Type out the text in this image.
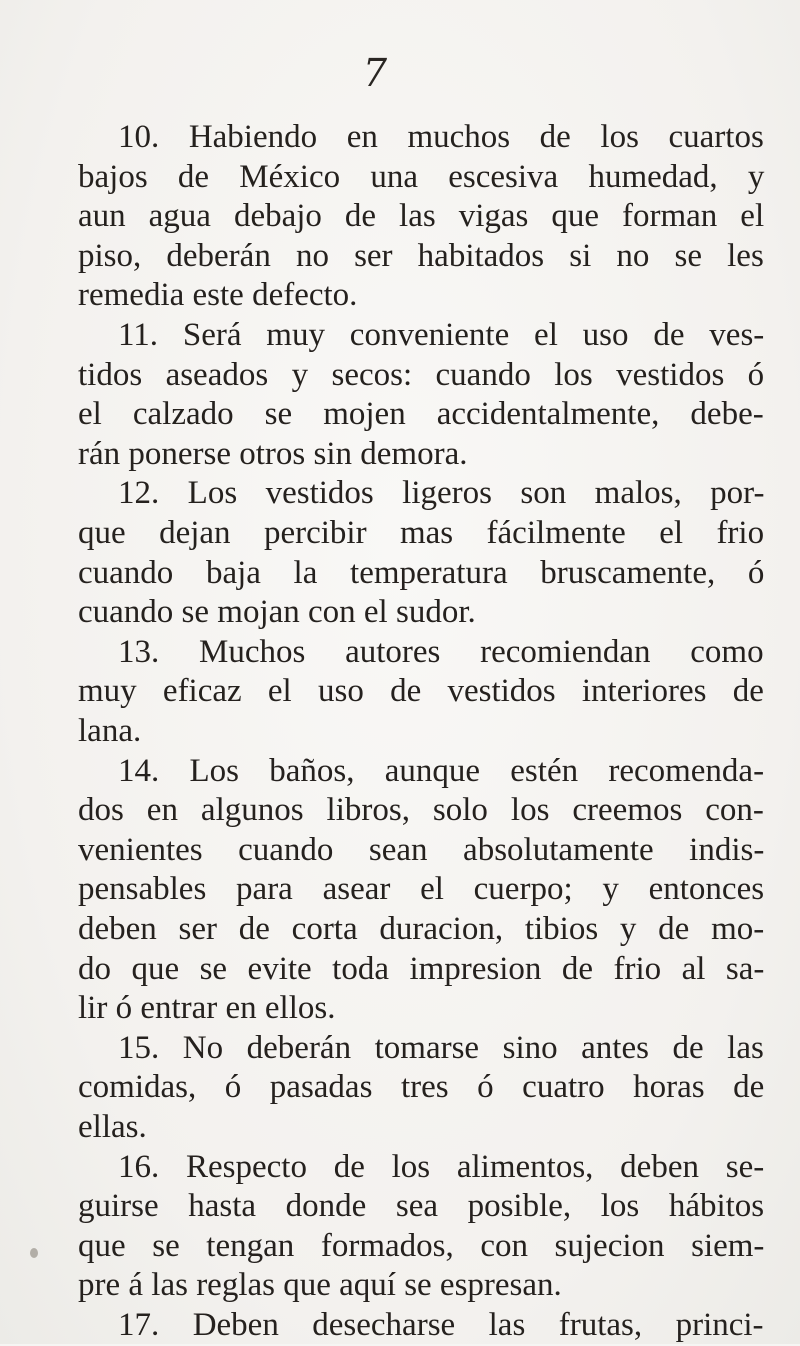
7
10. Habiendo en muchos de los cuartos
bajos de México una escesiva humedad, y
aun agua debajo de las vigas que forman el
piso, deberán no ser habitados si no se les
remedia este defecto.
11. Será muy conveniente el uso de ves-
tidos aseados y secos: cuando los vestidos ó
el calzado se mojen accidentalmente, debe-
rán ponerse otros sin demora.
12. Los vestidos ligeros son malos, por-
que dejan percibir mas fácilmente el frio
cuando baja la temperatura bruscamente, ó
cuando se mojan con el sudor.
13. Muchos autores recomiendan como
muy eficaz el uso de vestidos interiores de
lana.
14. Los baños, aunque estén recomenda-
dos en algunos libros, solo los creemos con-
venientes cuando sean absolutamente indis-
pensables para asear el cuerpo; y entonces
deben ser de corta duracion, tibios y de mo-
do que se evite toda impresion de frio al sa-
lir ó entrar en ellos.
15. No deberán tomarse sino antes de las
comidas, ó pasadas tres ó cuatro horas de
ellas.
16. Respecto de los alimentos, deben se-
guirse hasta donde sea posible, los hábitos
que se tengan formados, con sujecion siem-
pre á las reglas que aquí se espresan.
17. Deben desecharse las frutas, princi-
